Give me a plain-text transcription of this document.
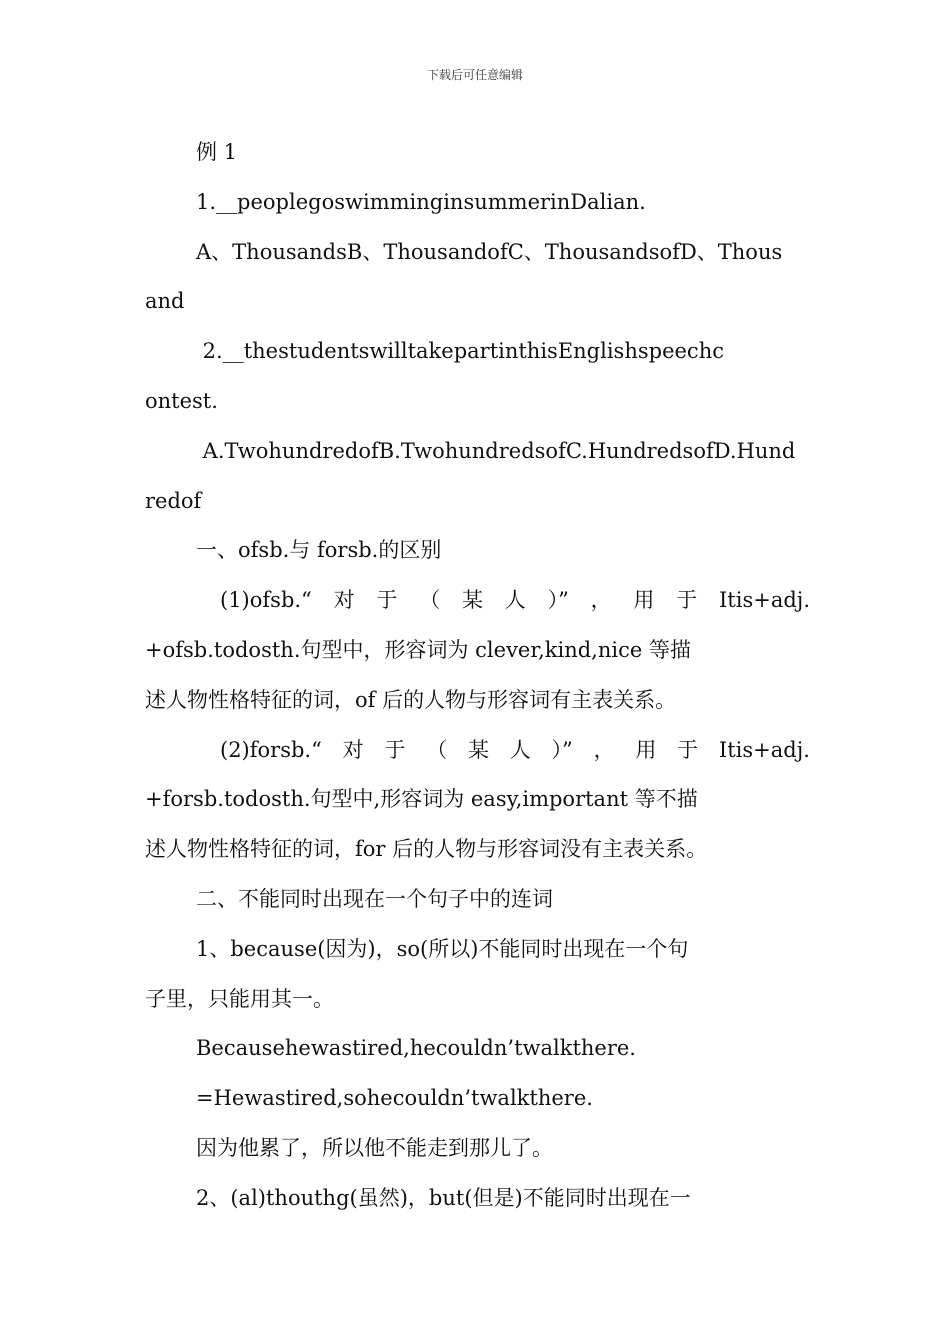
下载后可任意编辑
例 1
1.__peoplegoswimminginsummerinDalian.
A、ThousandsB、ThousandofC、ThousandsofD、Thous
and
2.__thestudentswilltakepartinthisEnglishspeechc
ontest.
A.TwohundredofB.TwohundredsofC.HundredsofD.Hund
redof
一、ofsb.与 forsb.的区别
(1)ofsb.“ 对 于 （ 某 人 ）” ， 用 于 Itis+adj.
+ofsb.todosth.句型中，形容词为 clever,kind,nice 等描
述人物性格特征的词，of 后的人物与形容词有主表关系。
(2)forsb.“ 对 于 （ 某 人 ）” ， 用 于 Itis+adj.
+forsb.todosth.句型中,形容词为 easy,important 等不描
述人物性格特征的词，for 后的人物与形容词没有主表关系。
二、不能同时出现在一个句子中的连词
1、because(因为)，so(所以)不能同时出现在一个句
子里，只能用其一。
Becausehewastired,hecouldn’twalkthere.
=Hewastired,sohecouldn’twalkthere.
因为他累了，所以他不能走到那儿了。
2、(al)thouthg(虽然)，but(但是)不能同时出现在一
